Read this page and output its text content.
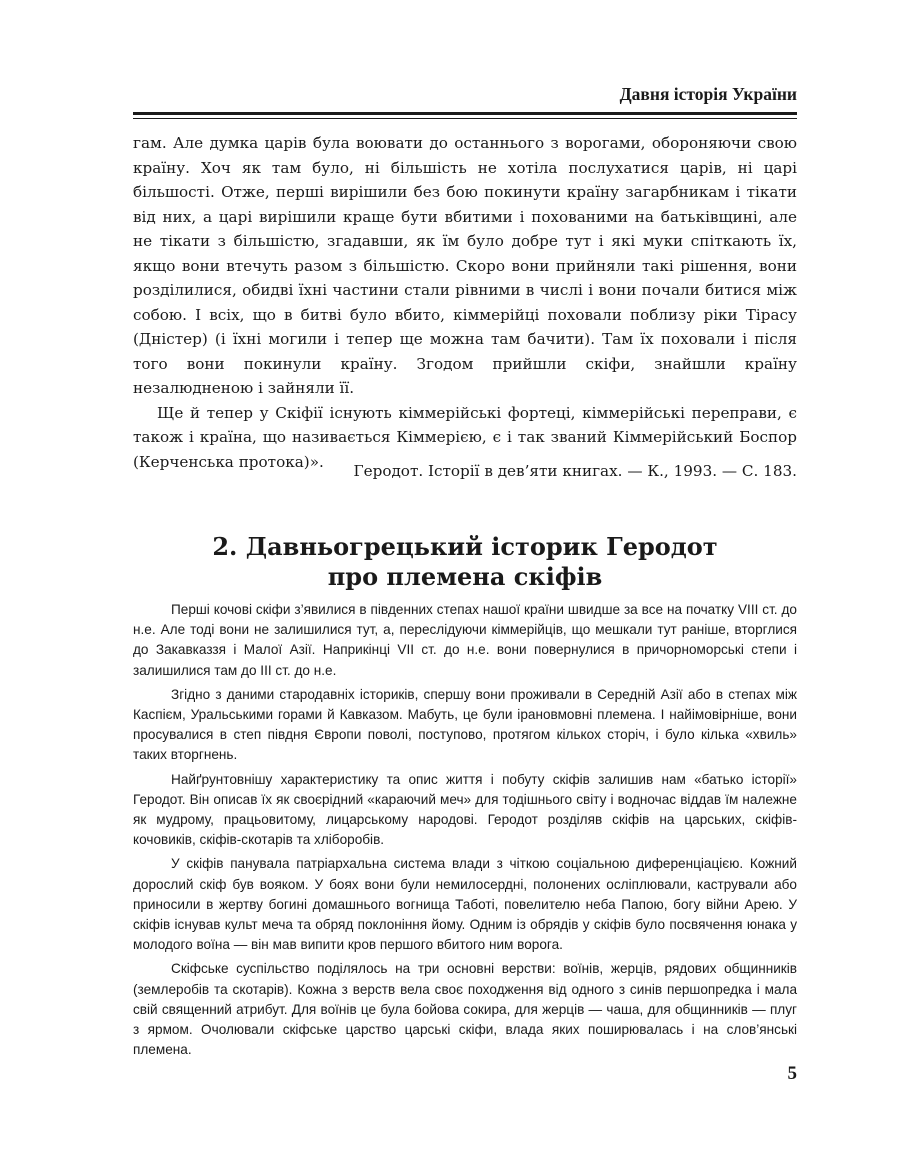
Давня історія України

гам. Але думка царів була воювати до останнього з ворогами, обороняючи свою країну. Хоч як там було, ні більшість не хотіла послухатися царів, ні царі більшості. Отже, перші вирішили без бою покинути країну загарбникам і тікати від них, а царі вирішили краще бути вбитими і похованими на батьківщині, але не тікати з більшістю, згадавши, як їм було добре тут і які муки спіткають їх, якщо вони втечуть разом з більшістю. Скоро вони прийняли такі рішення, вони розділилися, обидві їхні частини стали рівними в числі і вони почали битися між собою. І всіх, що в битві було вбито, кіммерійці поховали поблизу ріки Тірасу (Дністер) (і їхні могили і тепер ще можна там бачити). Там їх поховали і після того вони покинули країну. Згодом прийшли скіфи, знайшли країну незалюдненою і зайняли її.

Ще й тепер у Скіфії існують кіммерійські фортеці, кіммерійські переправи, є також і країна, що називається Кіммерією, є і так званий Кіммерійський Боспор (Керченська протока)».

Геродот. Історії в дев’яти книгах. — К., 1993. — С. 183.
2. Давньогрецький історик Геродот
про племена скіфів

Перші кочові скіфи з’явилися в південних степах нашої країни швидше за все на початку VIII ст. до н.е. Але тоді вони не залишилися тут, а, переслідуючи кіммерійців, що мешкали тут раніше, вторглися до Закавказзя і Малої Азії. Наприкінці VII ст. до н.е. вони повернулися в причорноморські степи і залишилися там до III ст. до н.е.

Згідно з даними стародавніх істориків, спершу вони проживали в Середній Азії або в степах між Каспієм, Уральськими горами й Кавказом. Мабуть, це були ірановмовні племена. І найімовірніше, вони просувалися в степ півдня Європи поволі, поступово, протягом кількох сторіч, і було кілька «хвиль» таких вторгнень.

Найґрунтовнішу характеристику та опис життя і побуту скіфів залишив нам «батько історії» Геродот. Він описав їх як своєрідний «караючий меч» для тодішнього світу і водночас віддав їм належне як мудрому, працьовитому, лицарському народові. Геродот розділяв скіфів на царських, скіфів-кочовиків, скіфів-скотарів та хліборобів.

У скіфів панувала патріархальна система влади з чіткою соціальною диференціацією. Кожний дорослий скіф був вояком. У боях вони були немилосердні, полонених осліплювали, кастрували або приносили в жертву богині домашнього вогнища Таботі, повелителю неба Папою, богу війни Арею. У скіфів існував культ меча та обряд поклоніння йому. Одним із обрядів у скіфів було посвячення юнака у молодого воїна — він мав випити кров першого вбитого ним ворога.

Скіфське суспільство поділялось на три основні верстви: воїнів, жерців, рядових общинників (землеробів та скотарів). Кожна з верств вела своє походження від одного з синів першопредка і мала свій священний атрибут. Для воїнів це була бойова сокира, для жерців — чаша, для общинників — плуг з ярмом. Очолювали скіфське царство царські скіфи, влада яких поширювалась і на слов’янські племена.

5
